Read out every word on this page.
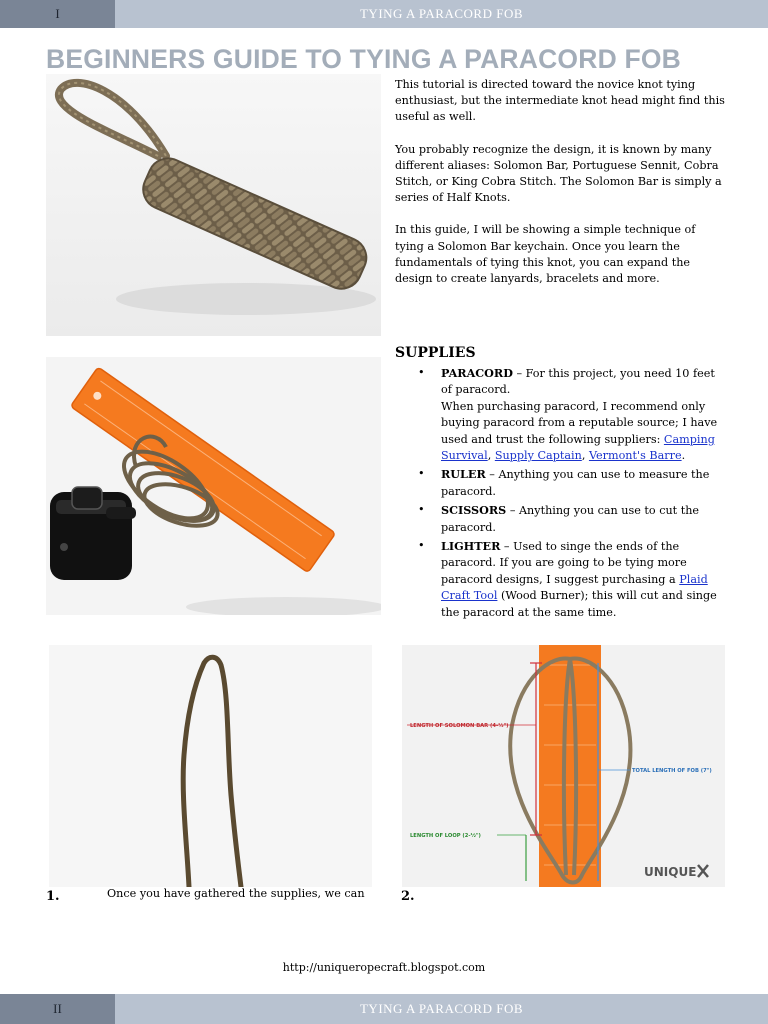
I	TYING A PARACORD FOB
BEGINNERS GUIDE TO TYING A PARACORD FOB

This tutorial is directed toward the novice knot tying enthusiast, but the intermediate knot head might find this useful as well.

You probably recognize the design, it is known by many different aliases: Solomon Bar, Portuguese Sennit, Cobra Stitch, or King Cobra Stitch. The Solomon Bar is simply a series of Half Knots.

In this guide, I will be showing a simple technique of tying a Solomon Bar keychain. Once you learn the fundamentals of tying this knot, you can expand the design to create lanyards, bracelets and more.

SUPPLIES
• PARACORD – For this project, you need 10 feet of paracord.
When purchasing paracord, I recommend only buying paracord from a reputable source; I have used and trust the following suppliers: Camping Survival, Supply Captain, Vermont's Barre.
• RULER – Anything you can use to measure the paracord.
• SCISSORS – Anything you can use to cut the paracord.
• LIGHTER – Used to singe the ends of the paracord. If you are going to be tying more paracord designs, I suggest purchasing a Plaid Craft Tool (Wood Burner); this will cut and singe the paracord at the same time.
LENGTH OF SOLOMON BAR (4-½")
TOTAL LENGTH OF FOB (7")
LENGTH OF LOOP (2-½")
UNIQUE
1.	Once you have gathered the supplies, we can	2.
http://uniqueropecraft.blogspot.com
II	TYING A PARACORD FOB
